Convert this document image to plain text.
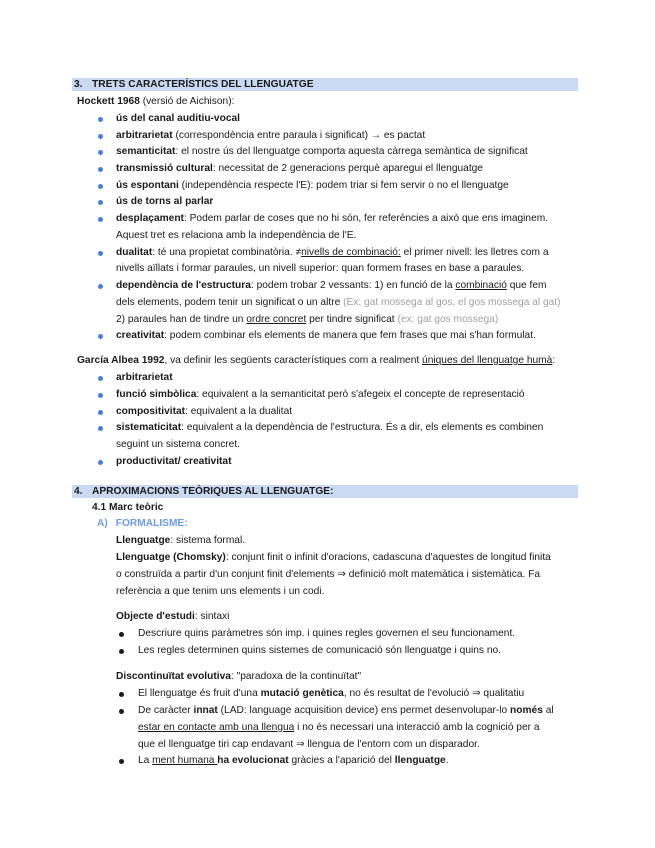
3. TRETS CARACTERÍSTICS DEL LLENGUATGE
Hockett 1968 (versió de Aichison):
ús del canal auditiu-vocal
arbitrarietat (correspondència entre paraula i significat) → es pactat
semanticitat: el nostre ús del llenguatge comporta aquesta càrrega semàntica de significat
transmissió cultural: necessitat de 2 generacions perquè aparegui el llenguatge
ús espontani (independència respecte l'E): podem triar si fem servir o no el llenguatge
ús de torns al parlar
desplaçament: Podem parlar de coses que no hi són, fer referències a això que ens imaginem.
Aquest tret es relaciona amb la independència de l'E.
dualitat: té una propietat combinatòria. ≠nivells de combinació: el primer nivell: les lletres com a
nivells aïllats i formar paraules, un nivell superior: quan formem frases en base a paraules.
dependència de l'estructura: podem trobar 2 vessants: 1) en funció de la combinació que fem
dels elements, podem tenir un significat o un altre (Ex: gat mossega al gos, el gos mossega al gat)
2) paraules han de tindre un ordre concret per tindre significat (ex: gat gos mossega)
creativitat: podem combinar els elements de manera que fem frases que mai s'han formulat.
García Albea 1992, va definir les següents característiques com a realment úniques del llenguatge humà:
arbitrarietat
funció simbòlica: equivalent a la semanticitat però s'afegeix el concepte de representació
compositivitat: equivalent a la dualitat
sistematicitat: equivalent a la dependència de l'estructura. És a dir, els elements es combinen
seguint un sistema concret.
productivitat/ creativitat
4. APROXIMACIONS TEÒRIQUES AL LLENGUATGE:
4.1 Marc teòric
A) FORMALISME:
Llenguatge: sistema formal.
Llenguatge (Chomsky): conjunt finit o infinit d'oracions, cadascuna d'aquestes de longitud finita
o construïda a partir d'un conjunt finit d'elements ⇒ definició molt matemàtica i sistemàtica. Fa
referència a que tenim uns elements i un codi.
Objecte d'estudi: sintaxi
Descriure quins paràmetres són imp. i quines regles governen el seu funcionament.
Les regles determinen quins sistemes de comunicació són llenguatge i quins no.
Discontinuïtat evolutiva: "paradoxa de la continuïtat"
El llenguatge és fruit d'una mutació genètica, no és resultat de l'evolució ⇒ qualitatiu
De caràcter innat (LAD: language acquisition device) ens permet desenvolupar-lo només al
estar en contacte amb una llengua i no és necessari una interacció amb la cognició per a
que el llenguatge tiri cap endavant ⇒ llengua de l'entorn com un disparador.
La ment humana ha evolucionat gràcies a l'aparició del llenguatge.
